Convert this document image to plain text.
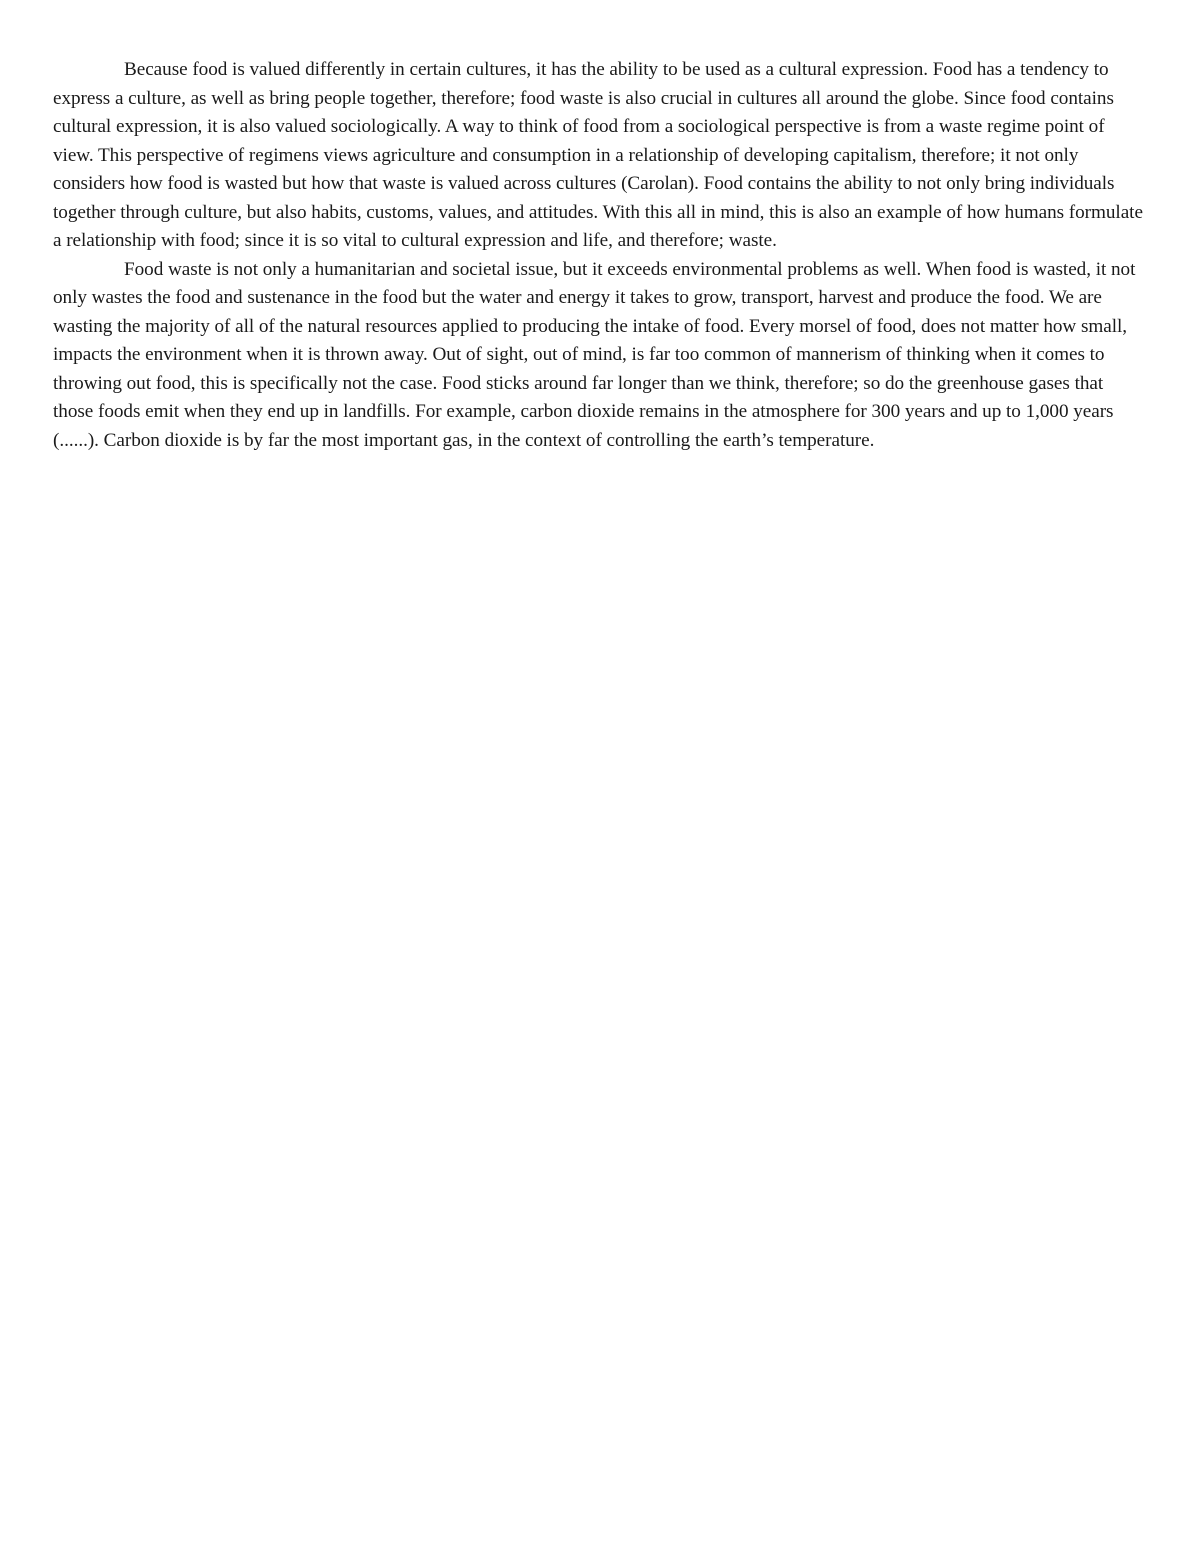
Because food is valued differently in certain cultures, it has the ability to be used as a cultural expression. Food has a tendency to express a culture, as well as bring people together, therefore; food waste is also crucial in cultures all around the globe. Since food contains cultural expression, it is also valued sociologically. A way to think of food from a sociological perspective is from a waste regime point of view. This perspective of regimens views agriculture and consumption in a relationship of developing capitalism, therefore; it not only considers how food is wasted but how that waste is valued across cultures (Carolan). Food contains the ability to not only bring individuals together through culture, but also habits, customs, values, and attitudes. With this all in mind, this is also an example of how humans formulate a relationship with food; since it is so vital to cultural expression and life, and therefore; waste.

Food waste is not only a humanitarian and societal issue, but it exceeds environmental problems as well. When food is wasted, it not only wastes the food and sustenance in the food but the water and energy it takes to grow, transport, harvest and produce the food. We are wasting the majority of all of the natural resources applied to producing the intake of food. Every morsel of food, does not matter how small, impacts the environment when it is thrown away. Out of sight, out of mind, is far too common of mannerism of thinking when it comes to throwing out food, this is specifically not the case. Food sticks around far longer than we think, therefore; so do the greenhouse gases that those foods emit when they end up in landfills. For example, carbon dioxide remains in the atmosphere for 300 years and up to 1,000 years (......). Carbon dioxide is by far the most important gas, in the context of controlling the earth’s temperature.
